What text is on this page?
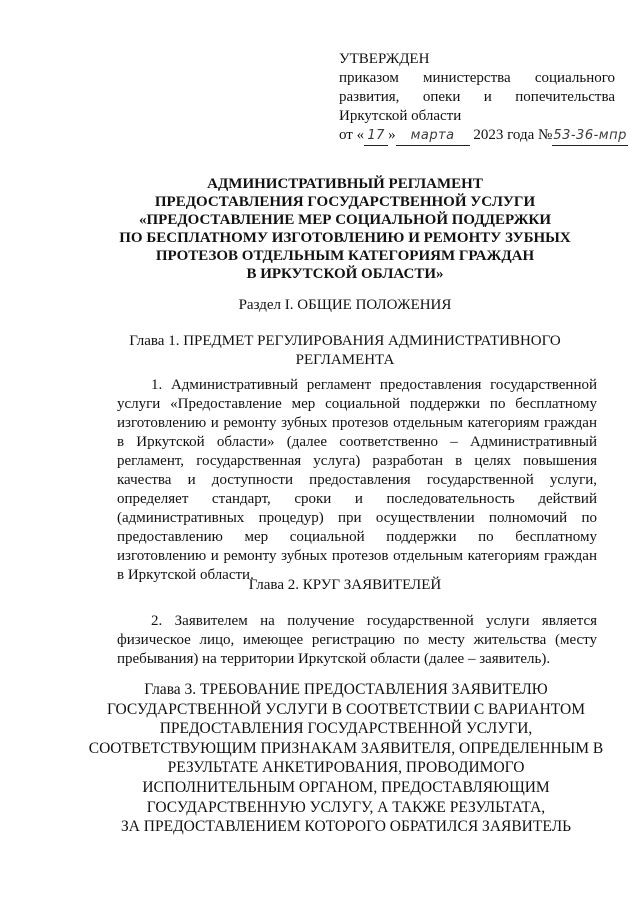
УТВЕРЖДЕН
приказом министерства социального
развития, опеки и попечительства
Иркутской области
от « 17 » марта 2023 года №53-36-мпр
АДМИНИСТРАТИВНЫЙ РЕГЛАМЕНТ
ПРЕДОСТАВЛЕНИЯ ГОСУДАРСТВЕННОЙ УСЛУГИ
«ПРЕДОСТАВЛЕНИЕ МЕР СОЦИАЛЬНОЙ ПОДДЕРЖКИ
ПО БЕСПЛАТНОМУ ИЗГОТОВЛЕНИЮ И РЕМОНТУ ЗУБНЫХ
ПРОТЕЗОВ ОТДЕЛЬНЫМ КАТЕГОРИЯМ ГРАЖДАН
В ИРКУТСКОЙ ОБЛАСТИ»
Раздел I. ОБЩИЕ ПОЛОЖЕНИЯ
Глава 1. ПРЕДМЕТ РЕГУЛИРОВАНИЯ АДМИНИСТРАТИВНОГО
РЕГЛАМЕНТА

1. Административный регламент предоставления государственной услуги «Предоставление мер социальной поддержки по бесплатному изготовлению и ремонту зубных протезов отдельным категориям граждан в Иркутской области» (далее соответственно – Административный регламент, государственная услуга) разработан в целях повышения качества и доступности предоставления государственной услуги, определяет стандарт, сроки и последовательность действий (административных процедур) при осуществлении полномочий по предоставлению мер социальной поддержки по бесплатному изготовлению и ремонту зубных протезов отдельным категориям граждан в Иркутской области.

Глава 2. КРУГ ЗАЯВИТЕЛЕЙ

2. Заявителем на получение государственной услуги является физическое лицо, имеющее регистрацию по месту жительства (месту пребывания) на территории Иркутской области (далее – заявитель).

Глава 3. ТРЕБОВАНИЕ ПРЕДОСТАВЛЕНИЯ ЗАЯВИТЕЛЮ
ГОСУДАРСТВЕННОЙ УСЛУГИ В СООТВЕТСТВИИ С ВАРИАНТОМ
ПРЕДОСТАВЛЕНИЯ ГОСУДАРСТВЕННОЙ УСЛУГИ,
СООТВЕТСТВУЮЩИМ ПРИЗНАКАМ ЗАЯВИТЕЛЯ, ОПРЕДЕЛЕННЫМ В
РЕЗУЛЬТАТЕ АНКЕТИРОВАНИЯ, ПРОВОДИМОГО
ИСПОЛНИТЕЛЬНЫМ ОРГАНОМ, ПРЕДОСТАВЛЯЮЩИМ
ГОСУДАРСТВЕННУЮ УСЛУГУ, А ТАКЖЕ РЕЗУЛЬТАТА,
ЗА ПРЕДОСТАВЛЕНИЕМ КОТОРОГО ОБРАТИЛСЯ ЗАЯВИТЕЛЬ
